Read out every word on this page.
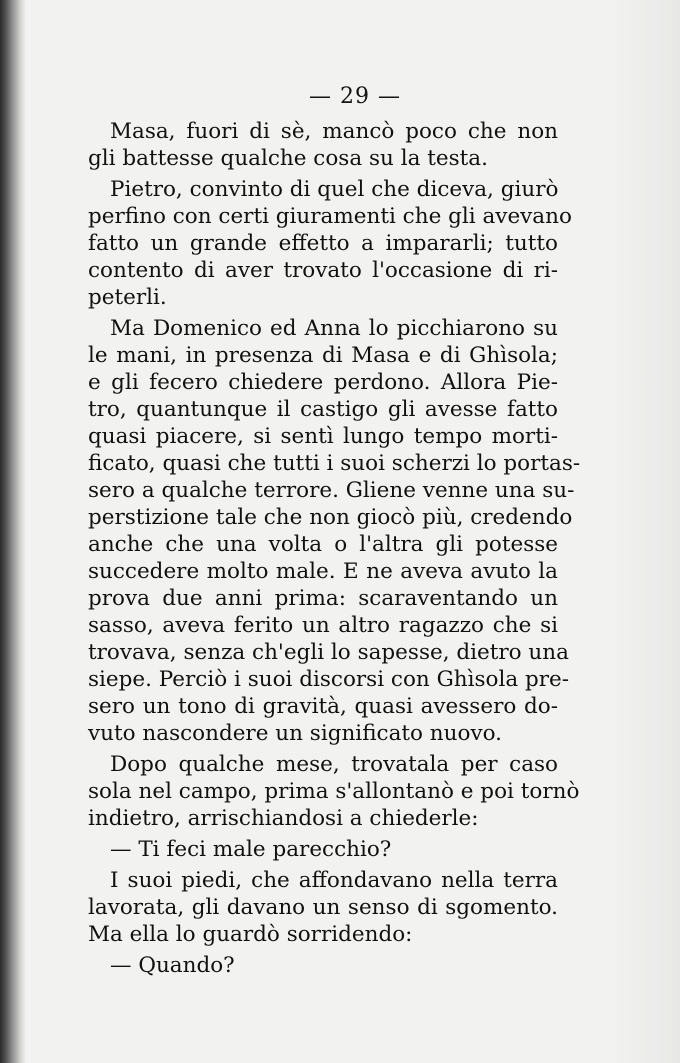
— 29 —
Masa, fuori di sè, mancò poco che non
gli battesse qualche cosa su la testa.
Pietro, convinto di quel che diceva, giurò
perfino con certi giuramenti che gli avevano
fatto un grande effetto a impararli; tutto
contento di aver trovato l'occasione di ri-
peterli.
Ma Domenico ed Anna lo picchiarono su
le mani, in presenza di Masa e di Ghìsola;
e gli fecero chiedere perdono. Allora Pie-
tro, quantunque il castigo gli avesse fatto
quasi piacere, si sentì lungo tempo morti-
ficato, quasi che tutti i suoi scherzi lo portas-
sero a qualche terrore. Gliene venne una su-
perstizione tale che non giocò più, credendo
anche che una volta o l'altra gli potesse
succedere molto male. E ne aveva avuto la
prova due anni prima: scaraventando un
sasso, aveva ferito un altro ragazzo che si
trovava, senza ch'egli lo sapesse, dietro una
siepe. Perciò i suoi discorsi con Ghìsola pre-
sero un tono di gravità, quasi avessero do-
vuto nascondere un significato nuovo.
Dopo qualche mese, trovatala per caso
sola nel campo, prima s'allontanò e poi tornò
indietro, arrischiandosi a chiederle:
— Ti feci male parecchio?
I suoi piedi, che affondavano nella terra
lavorata, gli davano un senso di sgomento.
Ma ella lo guardò sorridendo:
— Quando?
